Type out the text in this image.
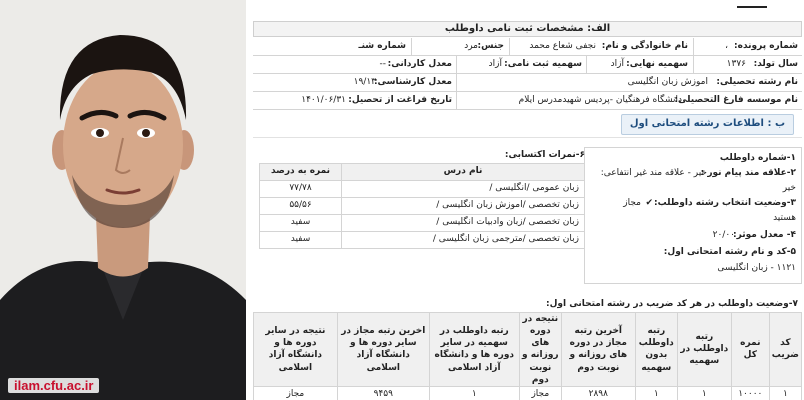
ilam.cfu.ac.ir
الف: مشخصات ثبت نامی داوطلب
شماره پرونده:
،
نام خانوادگی و نام:
نجفی شعاع محمد
جنس:
مرد
شماره شنـ
سال تولد:
۱۳۷۶
سهمیه نهایی:
آزاد
سهمیه ثبت نامی:
آزاد
معدل کاردانی:
--
نام رشته تحصیلی:
اموزش زبان انگلیسی
معدل کارشناسی:
۱۹/۱۳
نام موسسه فارغ التحصیلی:
دانشگاه فرهنگیان -پردیس شهیدمدرس ایلام
تاریخ فراغت از تحصیل:
۱۴۰۱/۰۶/۳۱
ب : اطلاعات رشته امتحانی اول
۱-شماره داوطلب
۲-علاقه مند پیام نور :
خیر - علاقه مند غیر انتفاعی:
خیر
۳-وضعیت انتخاب رشته داوطلب:
✔
مجاز
هستید
۴- معدل موثر:
۲۰/۰۰
۵-کد و نام رشته امتحانی اول:
۱۱۲۱ - زبان انگلیسی
۶-نمرات اکتسابی:
نام درس	نمره به درصد
زبان عمومی /انگلیسی /	۷۷/۷۸
زبان تخصصی /اموزش زبان انگلیسی /	۵۵/۵۶
زبان تخصصی /زبان وادبیات انگلیسی /	سفید
زبان تخصصی /مترجمی زبان انگلیسی /	سفید
۷-وضعیت داوطلب در هر کد ضریب در رشته امتحانی اول:
کد ضریب	نمره کل	رتبه داوطلب در سهمیه	رتبه داوطلب بدون سهمیه	آخرین رتبه مجاز در دوره های روزانه و نوبت دوم	نتیجه در دوره های روزانه و نوبت دوم	رتبه داوطلب در سهمیه در سایر دوره ها و دانشگاه آزاد اسلامی	اخرین رتبه مجاز در سایر دوره ها و دانشگاه آزاد اسلامی	نتیجه در سایر دوره ها و دانشگاه آزاد اسلامی
۱	۱۰۰۰۰	۱	۱	۲۸۹۸	مجاز	۱	۹۴۵۹	مجاز
